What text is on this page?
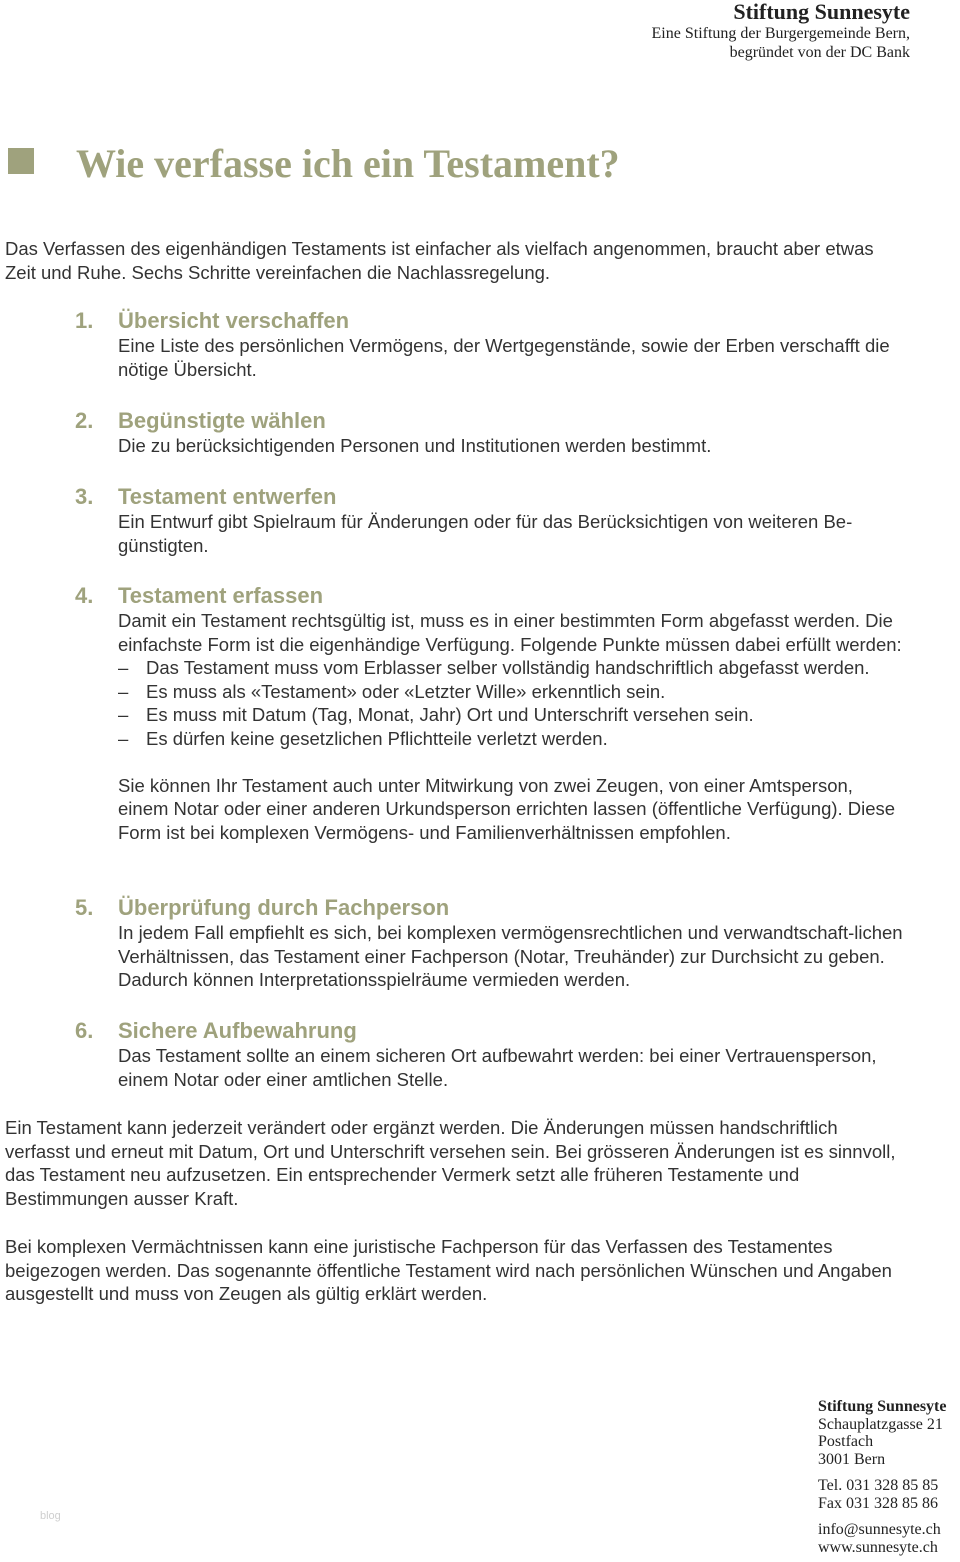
Stiftung Sunnesyte
Eine Stiftung der Burgergemeinde Bern,
begründet von der DC Bank
Wie verfasse ich ein Testament?

Das Verfassen des eigenhändigen Testaments ist einfacher als vielfach angenommen, braucht aber etwas Zeit und Ruhe. Sechs Schritte vereinfachen die Nachlassregelung.

1. Übersicht verschaffen

Eine Liste des persönlichen Vermögens, der Wertgegenstände, sowie der Erben verschafft die nötige Übersicht.

2. Begünstigte wählen

Die zu berücksichtigenden Personen und Institutionen werden bestimmt.

3. Testament entwerfen

Ein Entwurf gibt Spielraum für Änderungen oder für das Berücksichtigen von weiteren Be-günstigten.

4. Testament erfassen
Damit ein Testament rechtsgültig ist, muss es in einer bestimmten Form abgefasst werden. Die einfachste Form ist die eigenhändige Verfügung. Folgende Punkte müssen dabei erfüllt werden:
– Das Testament muss vom Erblasser selber vollständig handschriftlich abgefasst werden.
– Es muss als «Testament» oder «Letzter Wille» erkenntlich sein.
– Es muss mit Datum (Tag, Monat, Jahr) Ort und Unterschrift versehen sein.
– Es dürfen keine gesetzlichen Pflichtteile verletzt werden.
Sie können Ihr Testament auch unter Mitwirkung von zwei Zeugen, von einer Amtsperson, einem Notar oder einer anderen Urkundsperson errichten lassen (öffentliche Verfügung). Diese Form ist bei komplexen Vermögens- und Familienverhältnissen empfohlen.
5. Überprüfung durch Fachperson

In jedem Fall empfiehlt es sich, bei komplexen vermögensrechtlichen und verwandtschaft-lichen Verhältnissen, das Testament einer Fachperson (Notar, Treuhänder) zur Durchsicht zu geben. Dadurch können Interpretationsspielräume vermieden werden.

6. Sichere Aufbewahrung

Das Testament sollte an einem sicheren Ort aufbewahrt werden: bei einer Vertrauensperson, einem Notar oder einer amtlichen Stelle.

Ein Testament kann jederzeit verändert oder ergänzt werden. Die Änderungen müssen handschriftlich verfasst und erneut mit Datum, Ort und Unterschrift versehen sein. Bei grösseren Änderungen ist es sinnvoll, das Testament neu aufzusetzen. Ein entsprechender Vermerk setzt alle früheren Testamente und Bestimmungen ausser Kraft.

Bei komplexen Vermächtnissen kann eine juristische Fachperson für das Verfassen des Testamentes beigezogen werden. Das sogenannte öffentliche Testament wird nach persönlichen Wünschen und Angaben ausgestellt und muss von Zeugen als gültig erklärt werden.

blog
Stiftung Sunnesyte
Schauplatzgasse 21
Postfach
3001 Bern
Tel. 031 328 85 85
Fax 031 328 85 86
info@sunnesyte.ch
www.sunnesyte.ch
